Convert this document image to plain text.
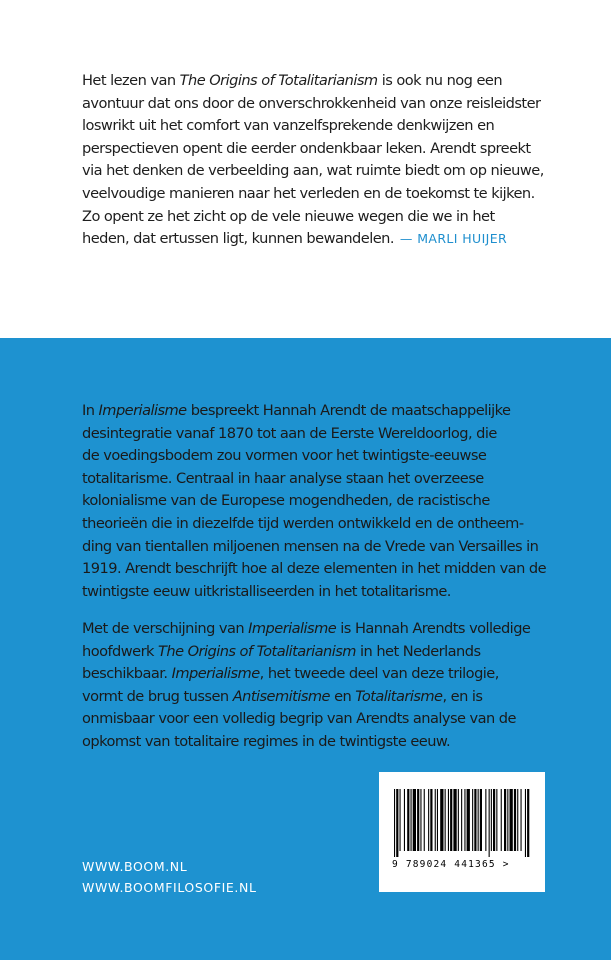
Het lezen van The Origins of Totalitarianism is ook nu nog een
avontuur dat ons door de onverschrokkenheid van onze reisleidster
loswrikt uit het comfort van vanzelfsprekende denkwijzen en
perspectieven opent die eerder ondenkbaar leken. Arendt spreekt
via het denken de verbeelding aan, wat ruimte biedt om op nieuwe,
veelvoudige manieren naar het verleden en de toekomst te kijken.
Zo opent ze het zicht op de vele nieuwe wegen die we in het
heden, dat ertussen ligt, kunnen bewandelen. — MARLI HUIJER
In Imperialisme bespreekt Hannah Arendt de maatschappelijke
desintegratie vanaf 1870 tot aan de Eerste Wereldoorlog, die
de voedingsbodem zou vormen voor het twintigste-eeuwse
totalitarisme. Centraal in haar analyse staan het overzeese
kolonialisme van de Europese mogendheden, de racistische
theorieën die in diezelfde tijd werden ontwikkeld en de ontheem-
ding van tientallen miljoenen mensen na de Vrede van Versailles in
1919. Arendt beschrijft hoe al deze elementen in het midden van de
twintigste eeuw uitkristalliseerden in het totalitarisme.
Met de verschijning van Imperialisme is Hannah Arendts volledige
hoofdwerk The Origins of Totalitarianism in het Nederlands
beschikbaar. Imperialisme, het tweede deel van deze trilogie,
vormt de brug tussen Antisemitisme en Totalitarisme, en is
onmisbaar voor een volledig begrip van Arendts analyse van de
opkomst van totalitaire regimes in de twintigste eeuw.
9 789024 441365 >
WWW.BOOM.NL
WWW.BOOMFILOSOFIE.NL
